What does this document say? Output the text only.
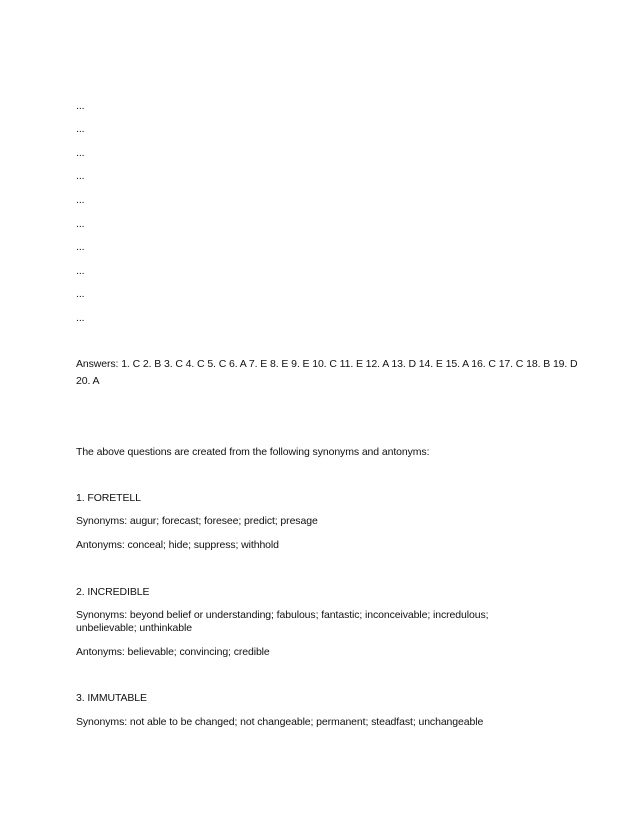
...
...
...
...
...
...
...
...
...
...
Answers: 1. C 2. B 3. C 4. C 5. C 6. A 7. E 8. E 9. E 10. C 11. E 12. A 13. D 14. E 15. A 16. C 17. C 18. B 19. D
20. A
The above questions are created from the following synonyms and antonyms:
1. FORETELL
Synonyms: augur; forecast; foresee; predict; presage
Antonyms: conceal; hide; suppress; withhold
2. INCREDIBLE
Synonyms: beyond belief or understanding; fabulous; fantastic; inconceivable; incredulous;
unbelievable; unthinkable
Antonyms: believable; convincing; credible
3. IMMUTABLE
Synonyms: not able to be changed; not changeable; permanent; steadfast; unchangeable
